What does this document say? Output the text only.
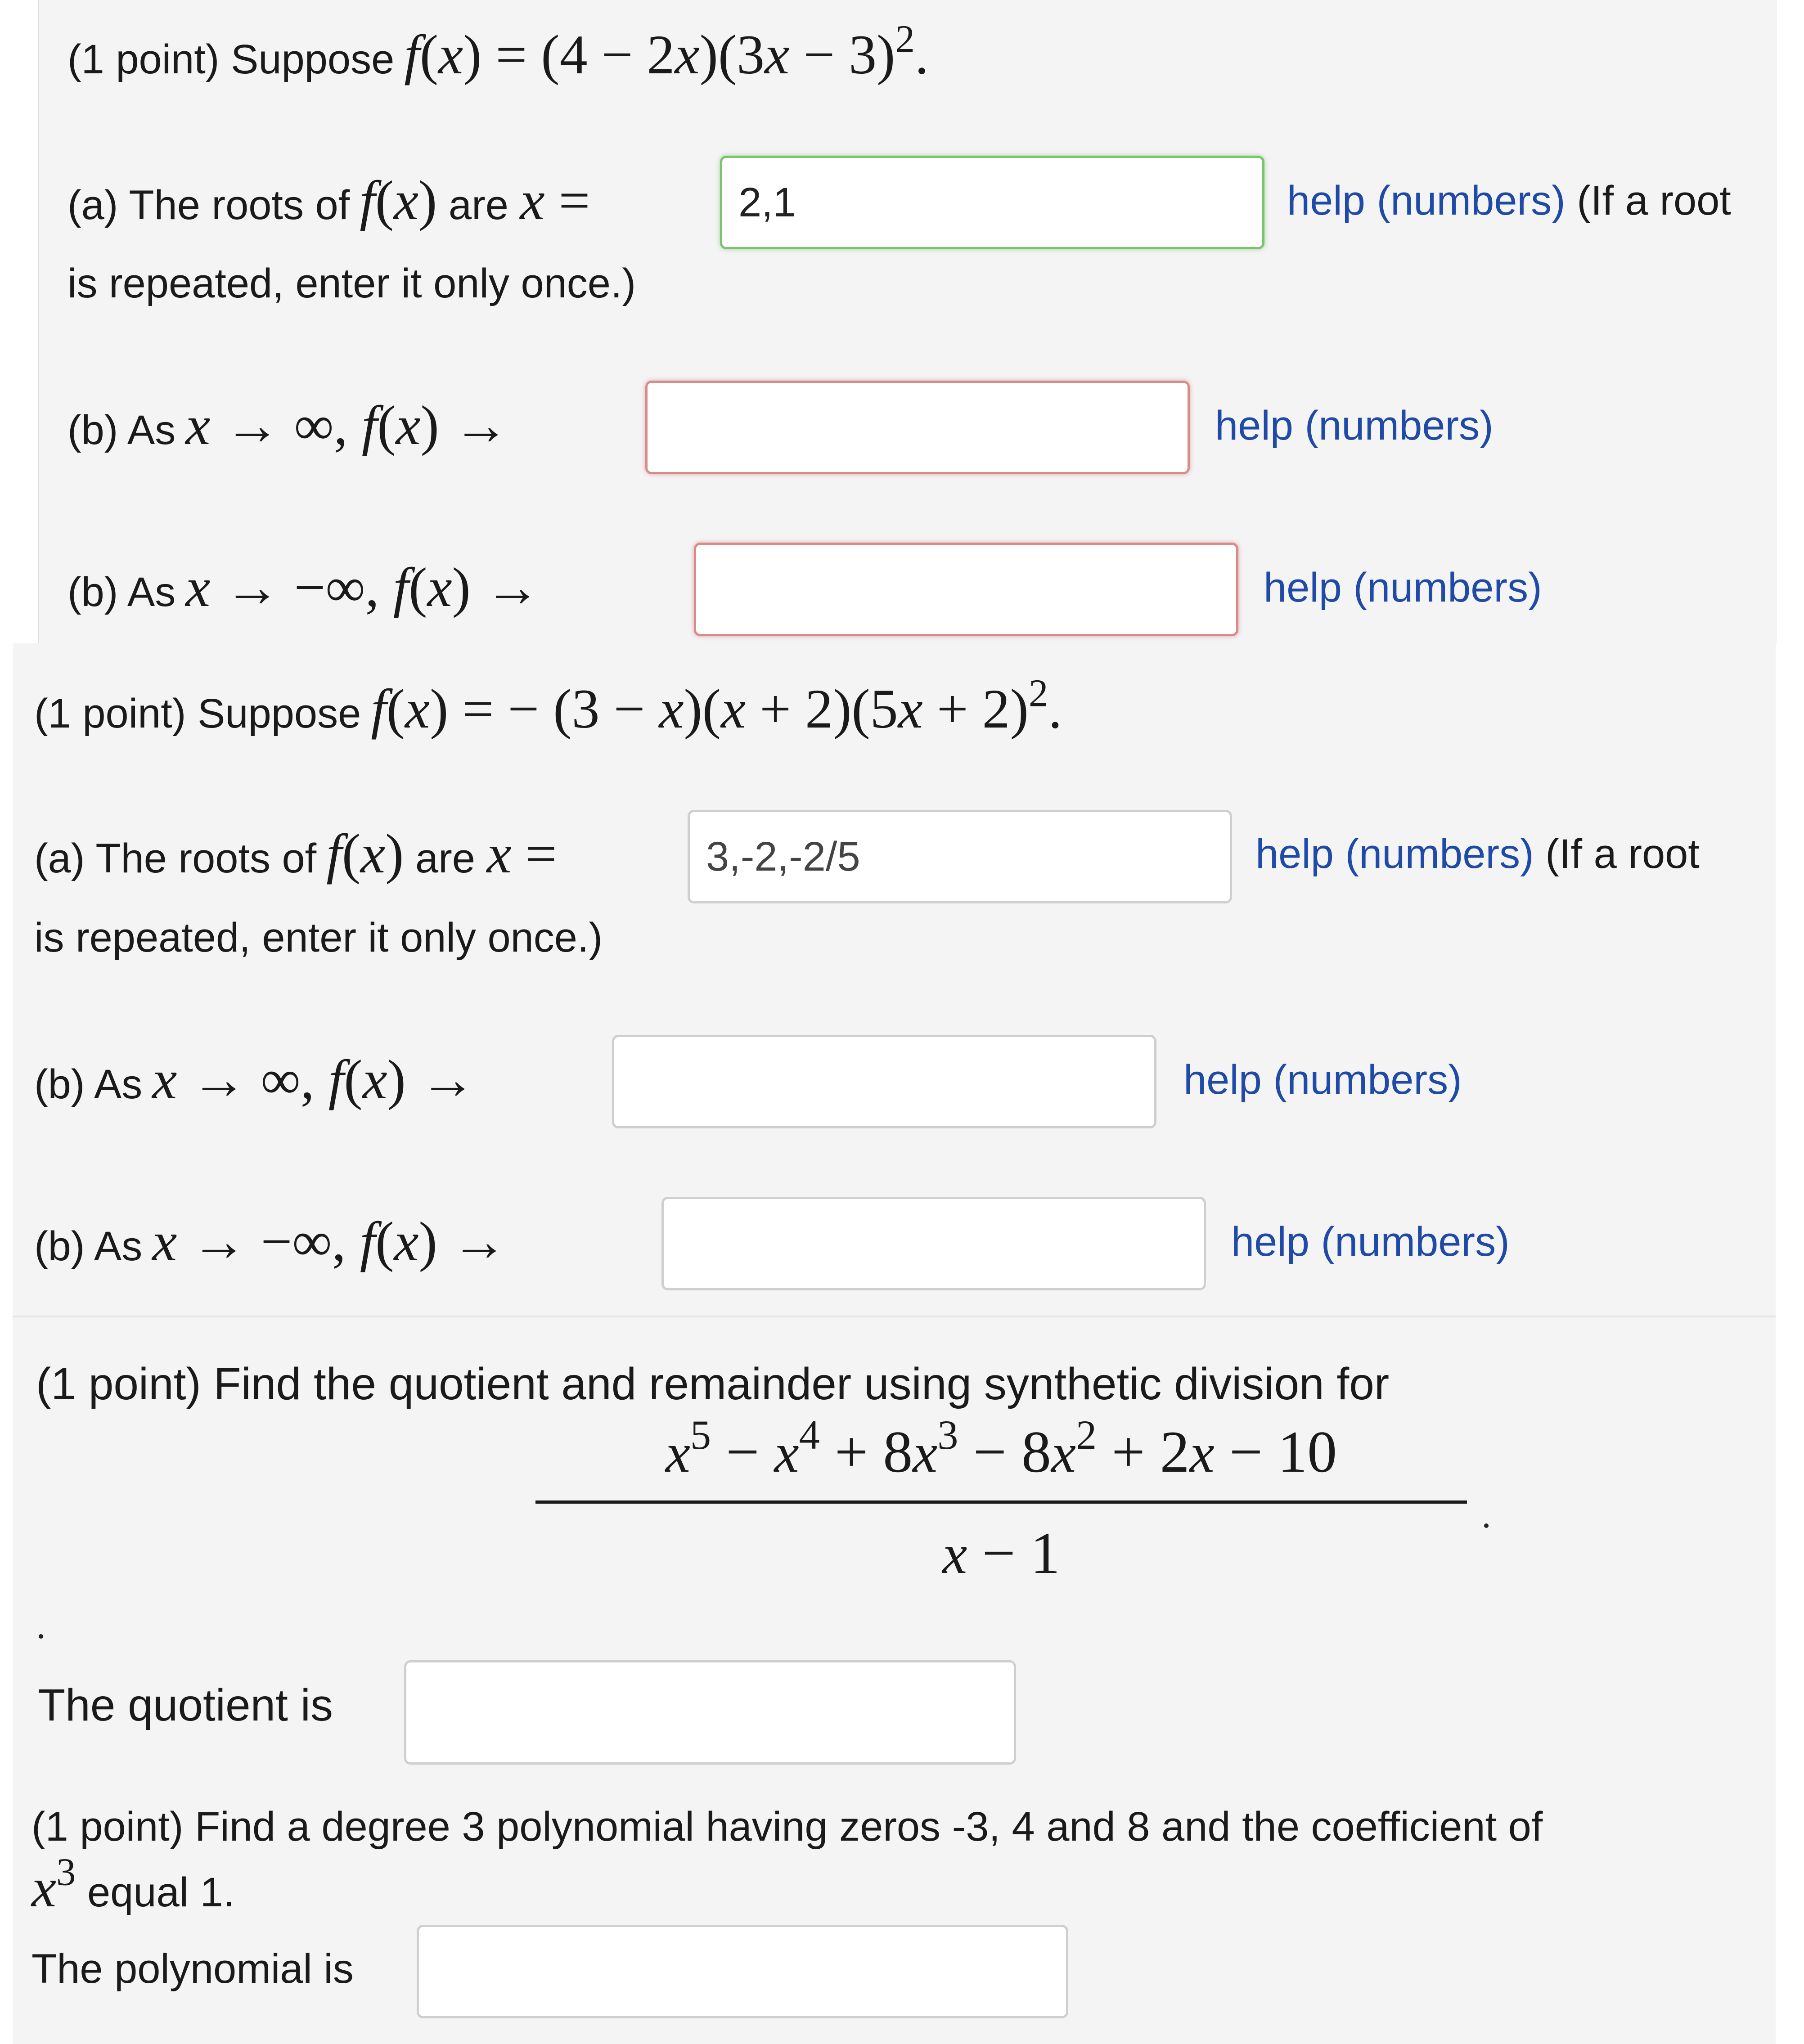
(1 point) Suppose $f(x) = (4 - 2x)(3x - 3)^2$.
(a) The roots of f(x) are x =
2,1	help (numbers) (If a root
is repeated, enter it only once.)
(b) As x → ∞, f(x) →	help (numbers)
(b) As x → −∞, f(x) →	help (numbers)
(1 point) Suppose f(x) = − $(3 - x)(x + 2)(5x + 2)^2$.
(a) The roots of f(x) are x =
3,-2,-2/5	help (numbers) (If a root
is repeated, enter it only once.)
(b) As x → ∞, f(x) →	help (numbers)
(b) As x → −∞, f(x) →	help (numbers)
(1 point) Find the quotient and remainder using synthetic division for
$x^5 - x^4 + 8x^3 - 8x^2 + 2x - 10$
x − 1
The quotient is
(1 point) Find a degree 3 polynomial having zeros -3, 4 and 8 and the coefficient of
$x^3$ equal 1.
The polynomial is
